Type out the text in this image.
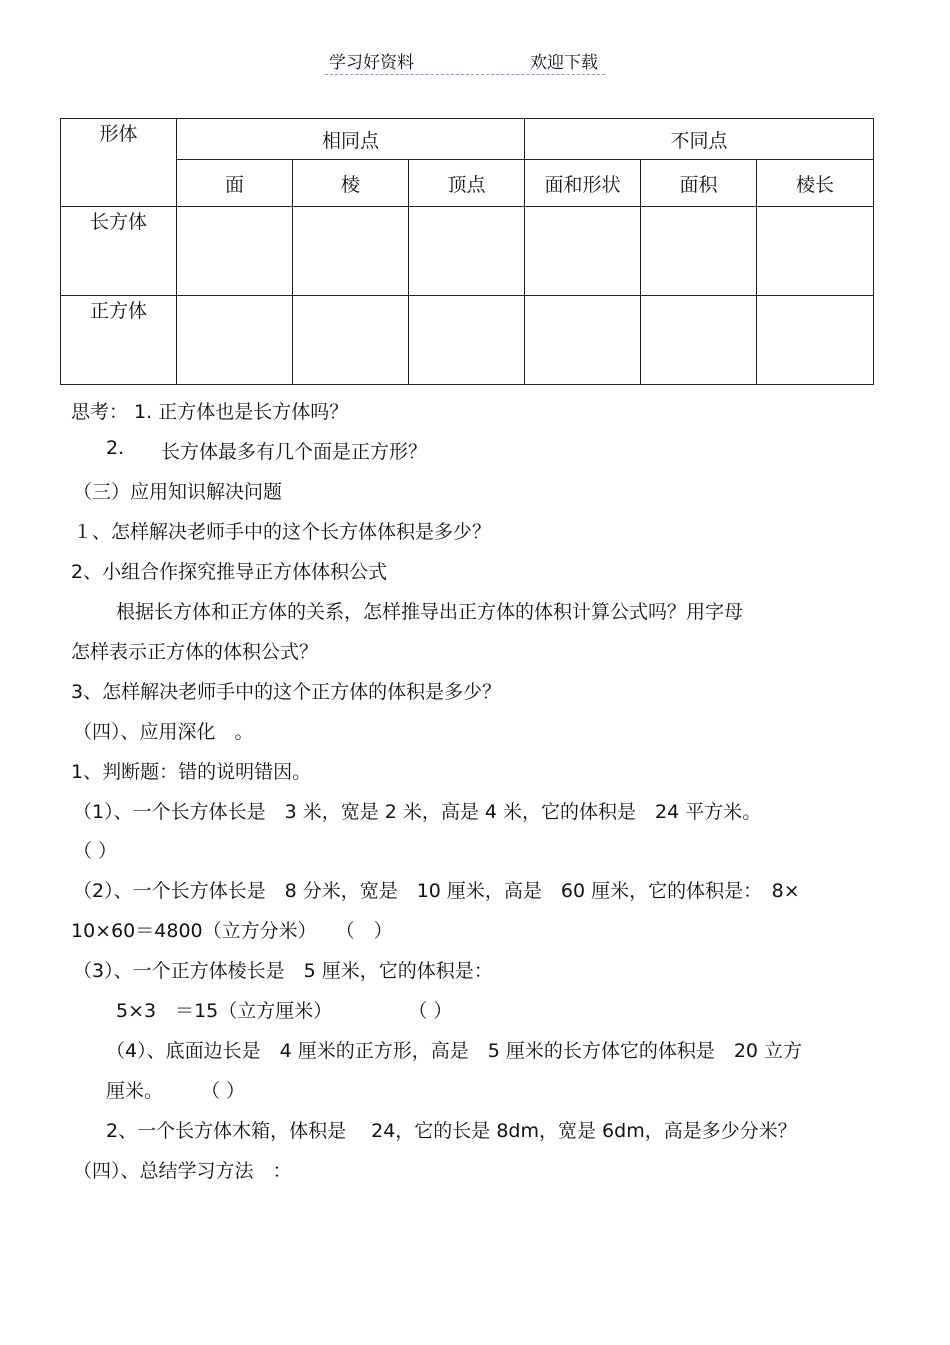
学习好资料	欢迎下载
形体	相同点			不同点		
	面	棱	顶点	面和形状	面积	棱长
长方体						
正方体						
思考： 1. 正方体也是长方体吗？
2. 长方体最多有几个面是正方形？
（三）应用知识解决问题
１、怎样解决老师手中的这个长方体体积是多少？
2、小组合作探究推导正方体体积公式
根据长方体和正方体的关系，怎样推导出正方体的体积计算公式吗？用字母
怎样表示正方体的体积公式？
3、怎样解决老师手中的这个正方体的体积是多少？
（四）、应用深化　。
1、判断题：错的说明错因。
（1）、一个长方体长是　3 米，宽是 2 米，高是 4 米，它的体积是　24 平方米。
（ ）
（2）、一个长方体长是　8 分米，宽是　10 厘米，高是　60 厘米，它的体积是：　8×
10×60＝4800（立方分米）　　（　）
（3）、一个正方体棱长是　5 厘米，它的体积是：
5×3　＝15（立方厘米）　　　　　（ ）
（4）、底面边长是　4 厘米的正方形，高是　5 厘米的长方体它的体积是　20 立方
厘米。　　　（ ）
2、一个长方体木箱，体积是　 24，它的长是 8dm，宽是 6dm，高是多少分米？
（四）、总结学习方法　：
